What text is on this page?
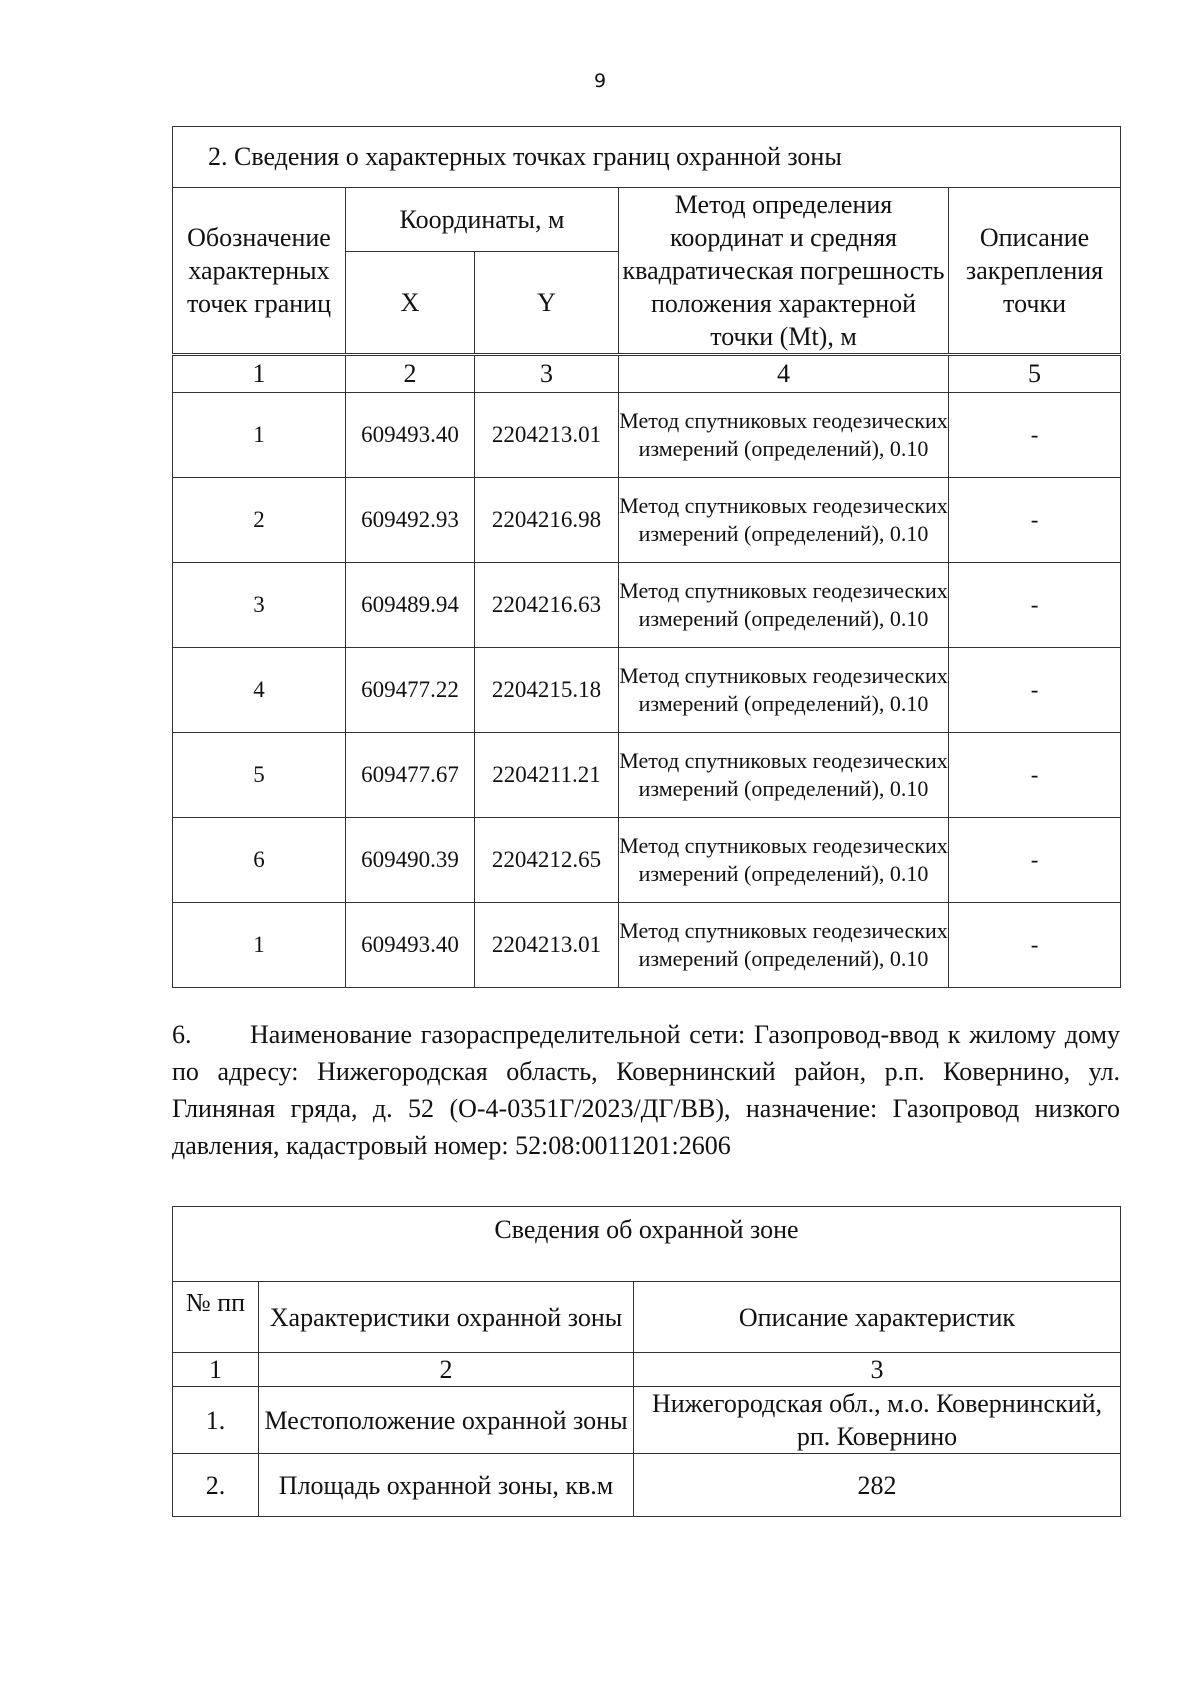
9
2. Сведения о характерных точках границ охранной зоны				
Обозначение характерных точек границ	Координаты, м		Метод определения координат и средняя квадратическая погрешность положения характерной точки (Mt), м	Описание закрепления точки
	X	Y		
1	2	3	4	5
1	609493.40	2204213.01	Метод спутниковых геодезических измерений (определений), 0.10	-
2	609492.93	2204216.98	Метод спутниковых геодезических измерений (определений), 0.10	-
3	609489.94	2204216.63	Метод спутниковых геодезических измерений (определений), 0.10	-
4	609477.22	2204215.18	Метод спутниковых геодезических измерений (определений), 0.10	-
5	609477.67	2204211.21	Метод спутниковых геодезических измерений (определений), 0.10	-
6	609490.39	2204212.65	Метод спутниковых геодезических измерений (определений), 0.10	-
1	609493.40	2204213.01	Метод спутниковых геодезических измерений (определений), 0.10	-
6. Наименование газораспределительной сети: Газопровод-ввод к жилому дому по адресу: Нижегородская область, Ковернинский район, р.п. Ковернино, ул. Глиняная гряда, д. 52 (О-4-0351Г/2023/ДГ/ВВ), назначение: Газопровод низкого давления, кадастровый номер: 52:08:0011201:2606
Сведения об охранной зоне		
№ пп	Характеристики охранной зоны	Описание характеристик
1	2	3
1.	Местоположение охранной зоны	Нижегородская обл., м.о. Ковернинский, рп. Ковернино
2.	Площадь охранной зоны, кв.м	282
